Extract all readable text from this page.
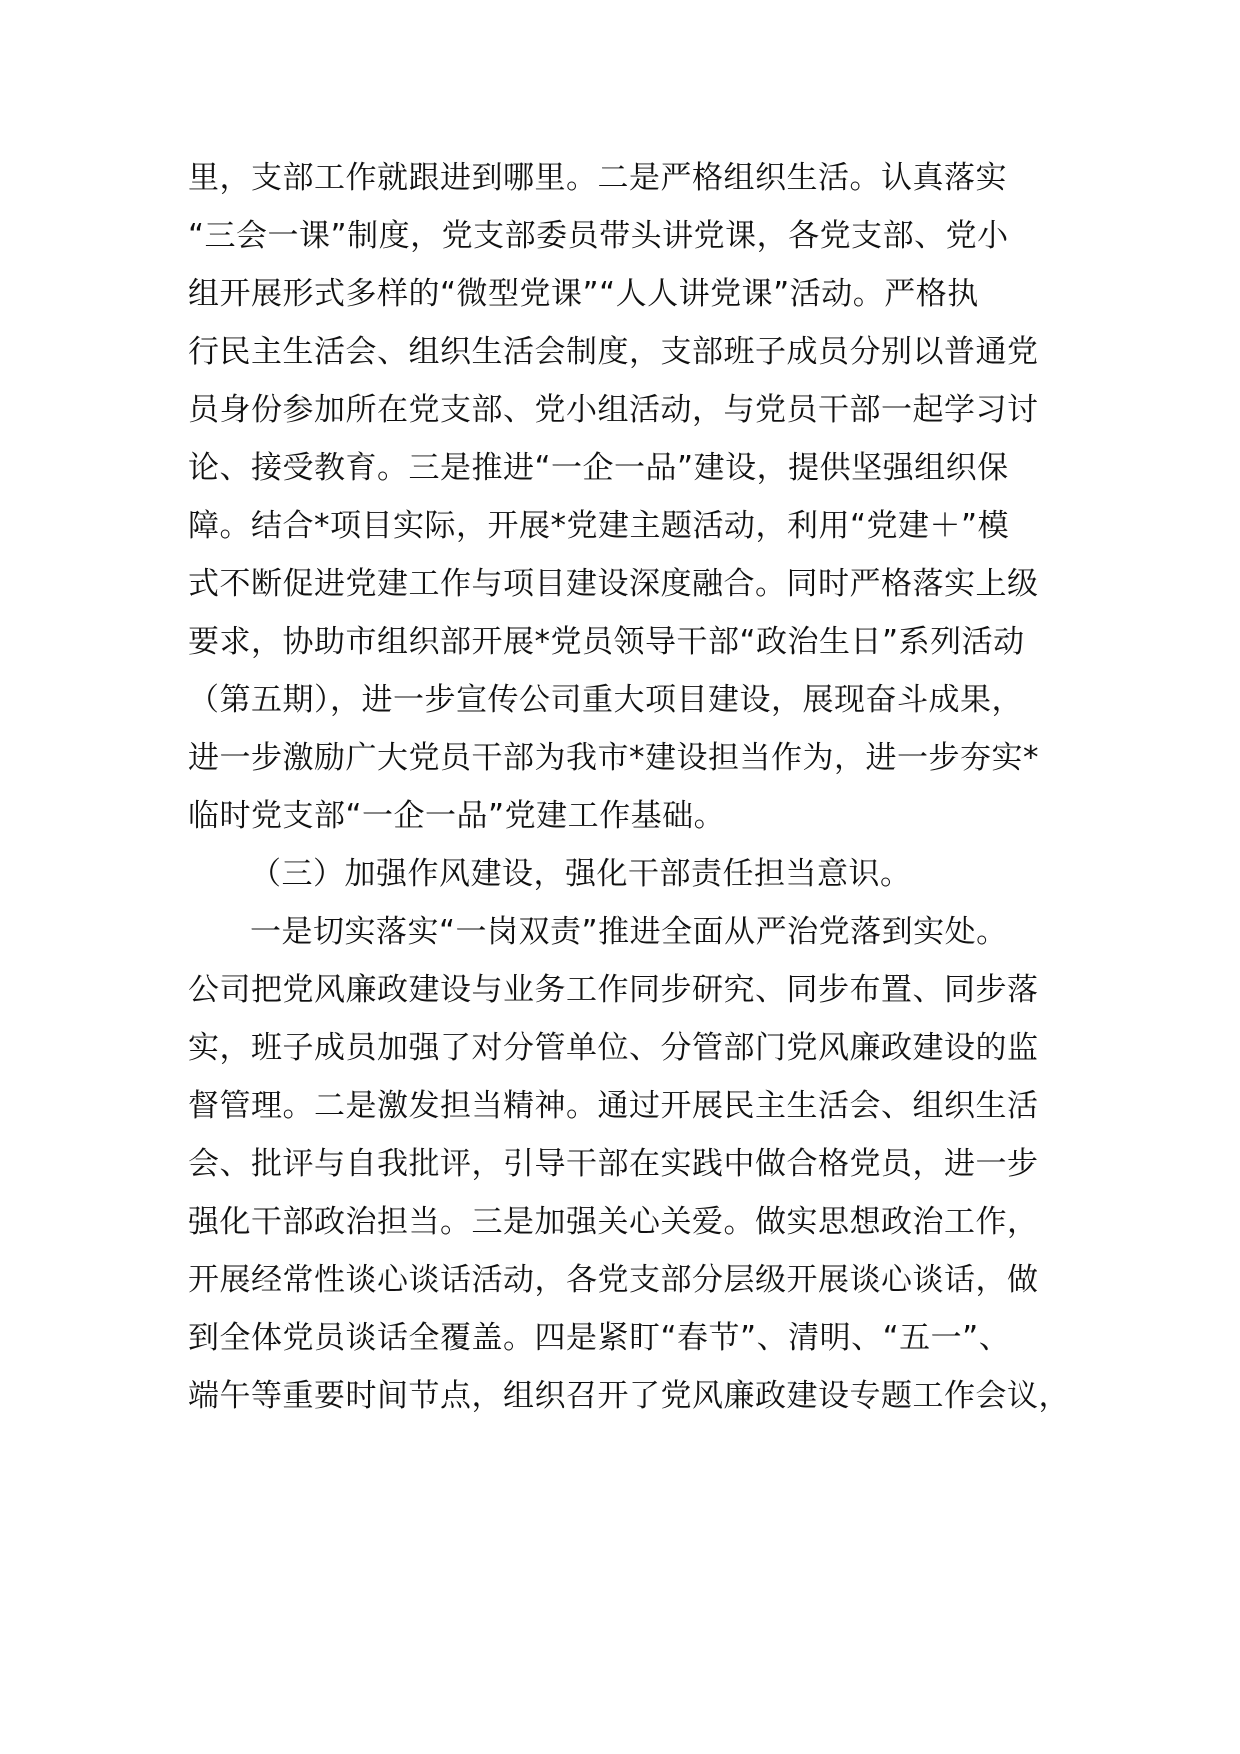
里，支部工作就跟进到哪里。二是严格组织生活。认真落实
“三会一课”制度，党支部委员带头讲党课，各党支部、党小
组开展形式多样的“微型党课”“人人讲党课”活动。严格执
行民主生活会、组织生活会制度，支部班子成员分别以普通党
员身份参加所在党支部、党小组活动，与党员干部一起学习讨
论、接受教育。三是推进“一企一品”建设，提供坚强组织保
障。结合*项目实际，开展*党建主题活动，利用“党建＋”模
式不断促进党建工作与项目建设深度融合。同时严格落实上级
要求，协助市组织部开展*党员领导干部“政治生日”系列活动
（第五期），进一步宣传公司重大项目建设，展现奋斗成果，
进一步激励广大党员干部为我市*建设担当作为，进一步夯实*
临时党支部“一企一品”党建工作基础。
（三）加强作风建设，强化干部责任担当意识。
一是切实落实“一岗双责”推进全面从严治党落到实处。
公司把党风廉政建设与业务工作同步研究、同步布置、同步落
实，班子成员加强了对分管单位、分管部门党风廉政建设的监
督管理。二是激发担当精神。通过开展民主生活会、组织生活
会、批评与自我批评，引导干部在实践中做合格党员，进一步
强化干部政治担当。三是加强关心关爱。做实思想政治工作，
开展经常性谈心谈话活动，各党支部分层级开展谈心谈话，做
到全体党员谈话全覆盖。四是紧盯“春节”、清明、“五一”、
端午等重要时间节点，组织召开了党风廉政建设专题工作会议，
